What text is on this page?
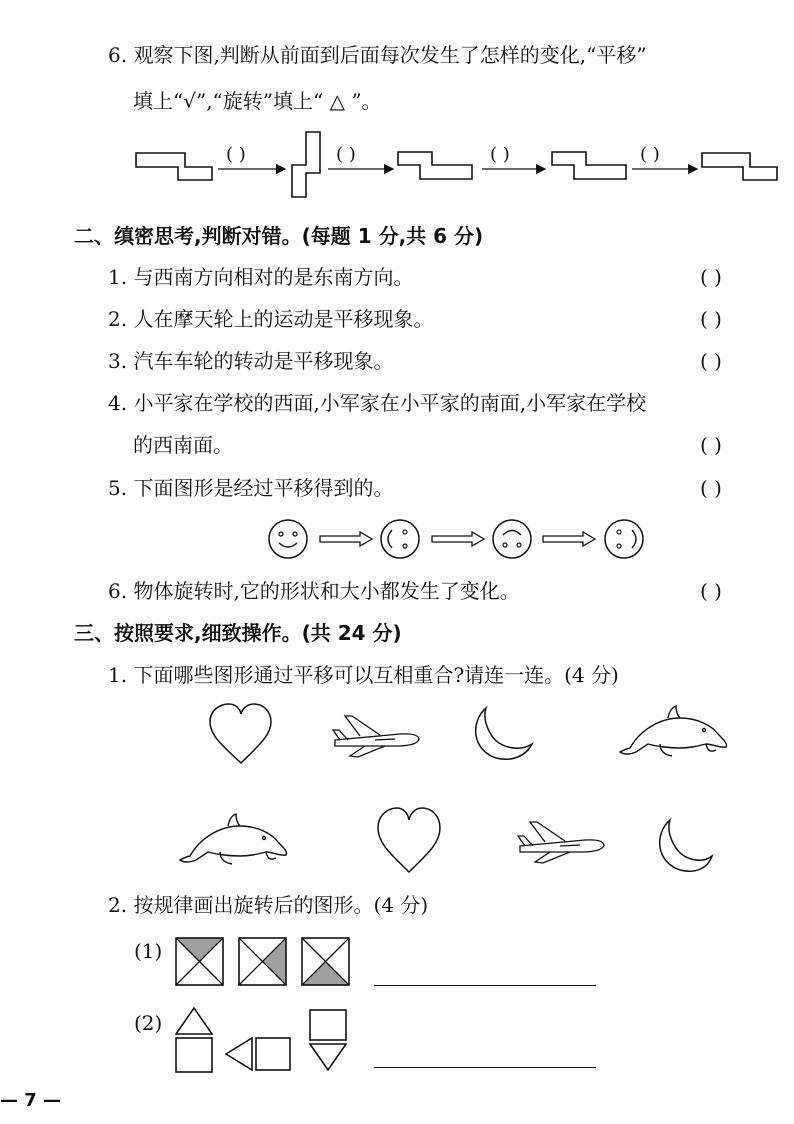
6. 观察下图,判断从前面到后面每次发生了怎样的变化,“平移”
填上“√”,“旋转”填上“ △ ”。
( )	( )	( )	( )
二、缜密思考,判断对错。(每题 1 分,共 6 分)
1. 与西南方向相对的是东南方向。	( )
2. 人在摩天轮上的运动是平移现象。	( )
3. 汽车车轮的转动是平移现象。	( )
4. 小平家在学校的西面,小军家在小平家的南面,小军家在学校
的西南面。	( )
5. 下面图形是经过平移得到的。	( )
6. 物体旋转时,它的形状和大小都发生了变化。	( )
三、按照要求,细致操作。(共 24 分)
1. 下面哪些图形通过平移可以互相重合?请连一连。(4 分)
2. 按规律画出旋转后的图形。(4 分)
(1)
(2)
— 7 —
